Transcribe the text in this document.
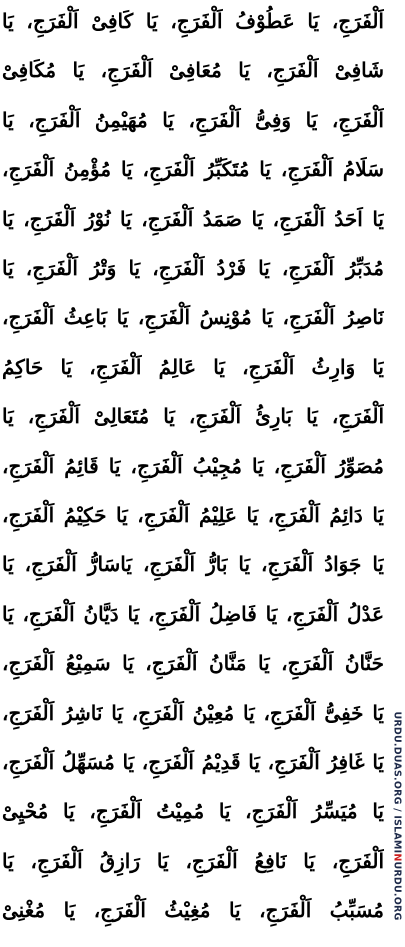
اَلْفَرَجِ، يَا عَطُوْفُ اَلْفَرَجِ، يَا كَافِىْ اَلْفَرَجِ، يَا
شَافِىْ اَلْفَرَجِ، يَا مُعَافِىْ اَلْفَرَجِ، يَا مُكَافِىْ
اَلْفَرَجِ، يَا وَفِىُّ اَلْفَرَجِ، يَا مُهَيْمِنُ اَلْفَرَجِ، يَا
سَلَامُ اَلْفَرَجِ، يَا مُتَكَبِّرُ اَلْفَرَجِ، يَا مُؤْمِنُ اَلْفَرَجِ،
يَا اَحَدُ اَلْفَرَجِ، يَا صَمَدُ اَلْفَرَجِ، يَا نُوْرُ اَلْفَرَجِ، يَا
مُدَبِّرُ اَلْفَرَجِ، يَا فَرْدُ اَلْفَرَجِ، يَا وَتْرُ اَلْفَرَجِ، يَا
نَاصِرُ اَلْفَرَجِ، يَا مُوْنِسُ اَلْفَرَجِ، يَا بَاعِثُ اَلْفَرَجِ،
يَا وَارِثُ اَلْفَرَجِ، يَا عَالِمُ اَلْفَرَجِ، يَا حَاكِمُ
اَلْفَرَجِ، يَا بَارِئُ اَلْفَرَجِ، يَا مُتَعَالِىْ اَلْفَرَجِ، يَا
مُصَوِّرُ اَلْفَرَجِ، يَا مُجِيْبُ اَلْفَرَجِ، يَا قَائِمُ اَلْفَرَجِ،
يَا دَائِمُ اَلْفَرَجِ، يَا عَلِيْمُ اَلْفَرَجِ، يَا حَكِيْمُ اَلْفَرَجِ،
يَا جَوَادُ اَلْفَرَجِ، يَا بَارُّ اَلْفَرَجِ، يَاسَارُّ اَلْفَرَجِ، يَا
عَدْلُ اَلْفَرَجِ، يَا فَاضِلُ اَلْفَرَجِ، يَا دَيَّانُ اَلْفَرَجِ، يَا
حَنَّانُ اَلْفَرَجِ، يَا مَنَّانُ اَلْفَرَجِ، يَا سَمِيْعُ اَلْفَرَجِ،
يَا خَفِىُّ اَلْفَرَجِ، يَا مُعِيْنُ اَلْفَرَجِ، يَا نَاشِرُ اَلْفَرَجِ،
يَا غَافِرُ اَلْفَرَجِ، يَا قَدِيْمُ اَلْفَرَجِ، يَا مُسَهِّلُ اَلْفَرَجِ،
يَا مُيَسِّرُ اَلْفَرَجِ، يَا مُمِيْتُ اَلْفَرَجِ، يَا مُحْيِىْ
اَلْفَرَجِ، يَا نَافِعُ اَلْفَرَجِ، يَا رَازِقُ اَلْفَرَجِ، يَا
مُسَبِّبُ اَلْفَرَجِ، يَا مُغِيْثُ اَلْفَرَجِ، يَا مُغْنِىْ
URDU.DUAS.ORG / ISLAMINURDU.ORG
